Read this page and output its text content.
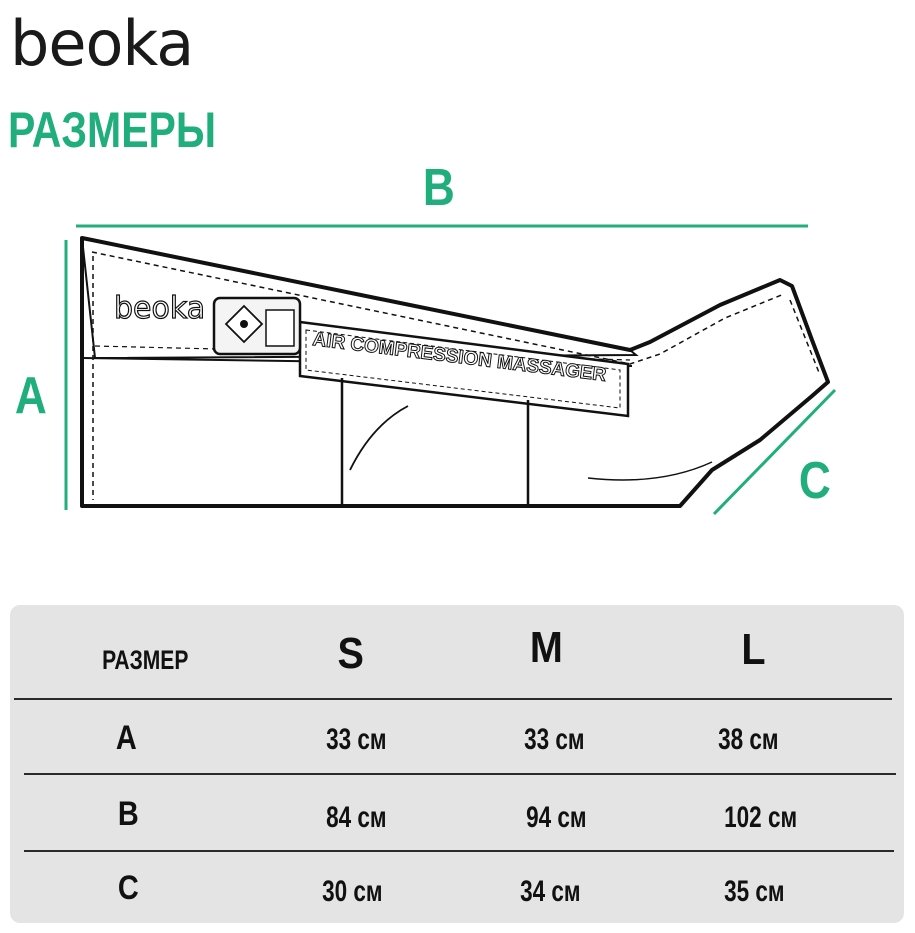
beoka
РАЗМЕРЫ
beoka
AIR COMPRESSION MASSAGER
B
A
C
РАЗМЕР	S	M	L
A	33 см	33 см	38 см
B	84 см	94 см	102 см
C	30 см	34 см	35 см
